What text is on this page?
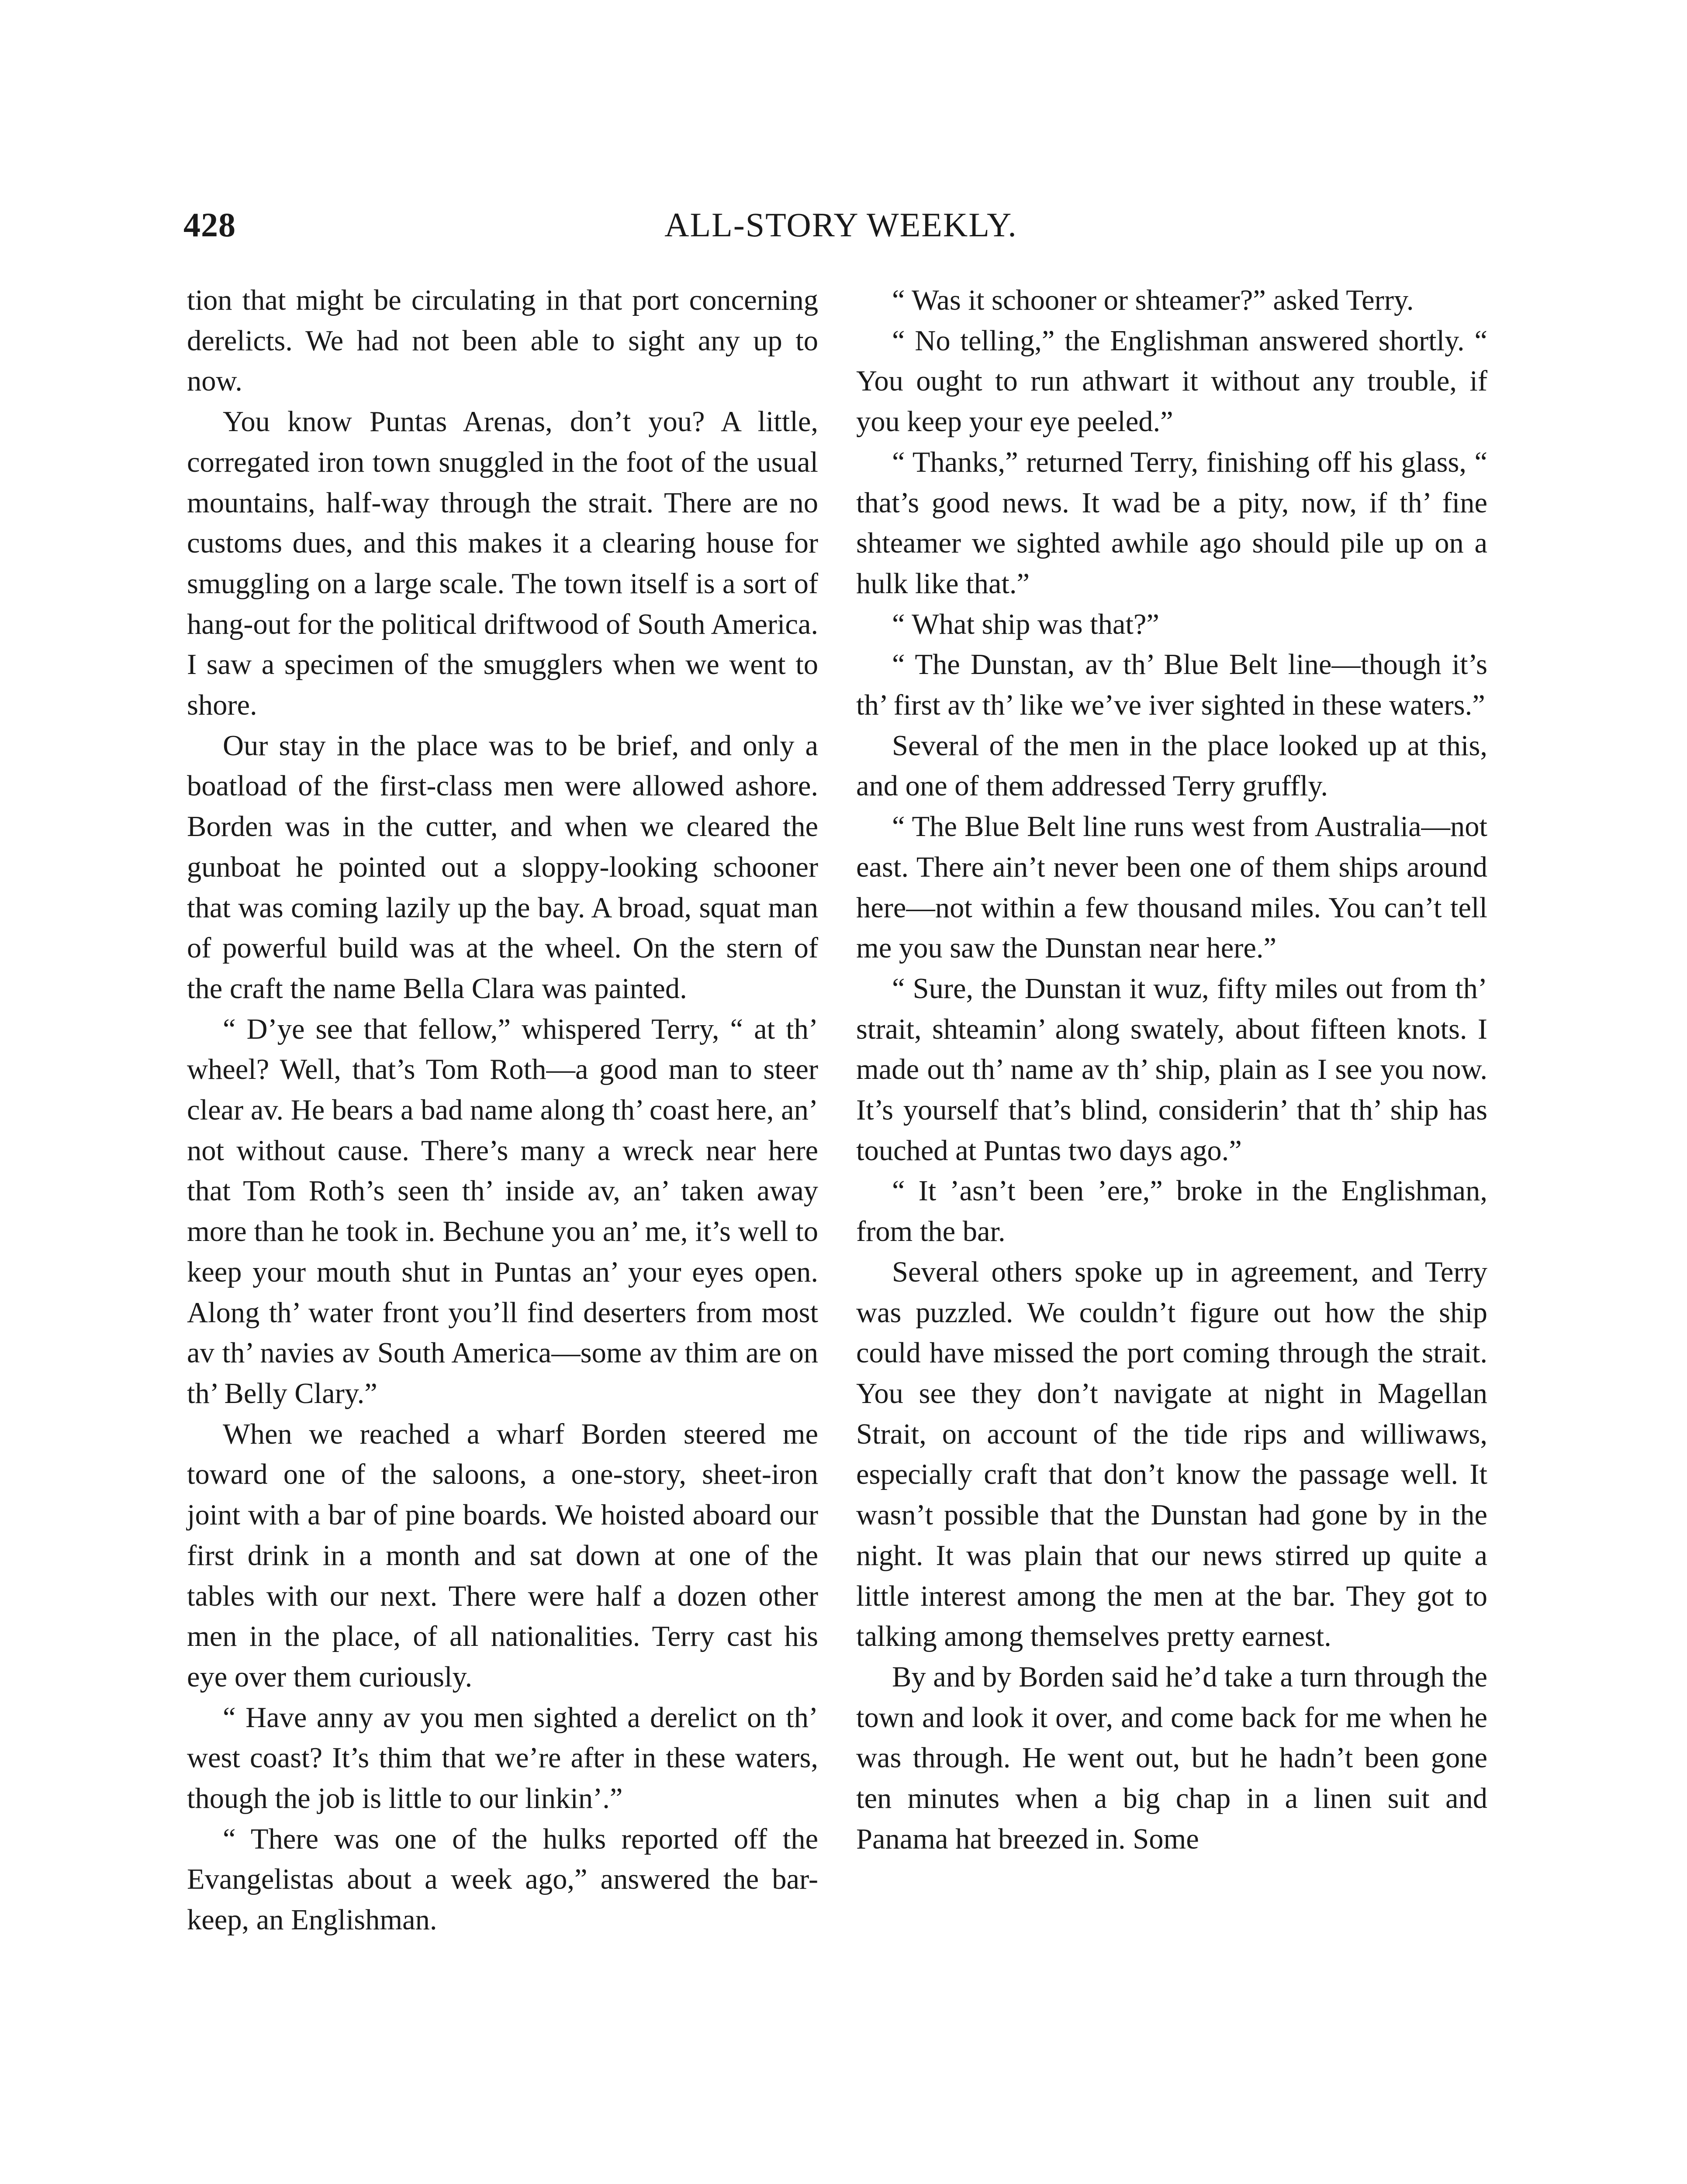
428	ALL-STORY WEEKLY.

tion that might be circulating in that port concerning derelicts. We had not been able to sight any up to now.

You know Puntas Arenas, don’t you? A little, corregated iron town snuggled in the foot of the usual mountains, half-way through the strait. There are no customs dues, and this makes it a clearing house for smuggling on a large scale. The town itself is a sort of hang-out for the political driftwood of South America. I saw a specimen of the smugglers when we went to shore.

Our stay in the place was to be brief, and only a boatload of the first-class men were allowed ashore. Borden was in the cutter, and when we cleared the gunboat he pointed out a sloppy-looking schooner that was coming lazily up the bay. A broad, squat man of powerful build was at the wheel. On the stern of the craft the name Bella Clara was painted.

“ D’ye see that fellow,” whispered Terry, “ at th’ wheel? Well, that’s Tom Roth—a good man to steer clear av. He bears a bad name along th’ coast here, an’ not without cause. There’s many a wreck near here that Tom Roth’s seen th’ inside av, an’ taken away more than he took in. Bechune you an’ me, it’s well to keep your mouth shut in Puntas an’ your eyes open. Along th’ water front you’ll find deserters from most av th’ navies av South America—some av thim are on th’ Belly Clary.”

When we reached a wharf Borden steered me toward one of the saloons, a one-story, sheet-iron joint with a bar of pine boards. We hoisted aboard our first drink in a month and sat down at one of the tables with our next. There were half a dozen other men in the place, of all nationalities. Terry cast his eye over them curiously.

“ Have anny av you men sighted a derelict on th’ west coast? It’s thim that we’re after in these waters, though the job is little to our linkin’.”

“ There was one of the hulks reported off the Evangelistas about a week ago,” answered the bar-keep, an Englishman.

“ Was it schooner or shteamer?” asked Terry.

“ No telling,” the Englishman answered shortly. “ You ought to run athwart it without any trouble, if you keep your eye peeled.”

“ Thanks,” returned Terry, finishing off his glass, “ that’s good news. It wad be a pity, now, if th’ fine shteamer we sighted awhile ago should pile up on a hulk like that.”

“ What ship was that?”

“ The Dunstan, av th’ Blue Belt line—though it’s th’ first av th’ like we’ve iver sighted in these waters.”

Several of the men in the place looked up at this, and one of them addressed Terry gruffly.

“ The Blue Belt line runs west from Australia—not east. There ain’t never been one of them ships around here—not within a few thousand miles. You can’t tell me you saw the Dunstan near here.”

“ Sure, the Dunstan it wuz, fifty miles out from th’ strait, shteamin’ along swately, about fifteen knots. I made out th’ name av th’ ship, plain as I see you now. It’s yourself that’s blind, considerin’ that th’ ship has touched at Puntas two days ago.”

“ It ’asn’t been ’ere,” broke in the Englishman, from the bar.

Several others spoke up in agreement, and Terry was puzzled. We couldn’t figure out how the ship could have missed the port coming through the strait. You see they don’t navigate at night in Magellan Strait, on account of the tide rips and williwaws, especially craft that don’t know the passage well. It wasn’t possible that the Dunstan had gone by in the night. It was plain that our news stirred up quite a little interest among the men at the bar. They got to talking among themselves pretty earnest.

By and by Borden said he’d take a turn through the town and look it over, and come back for me when he was through. He went out, but he hadn’t been gone ten minutes when a big chap in a linen suit and Panama hat breezed in. Some
